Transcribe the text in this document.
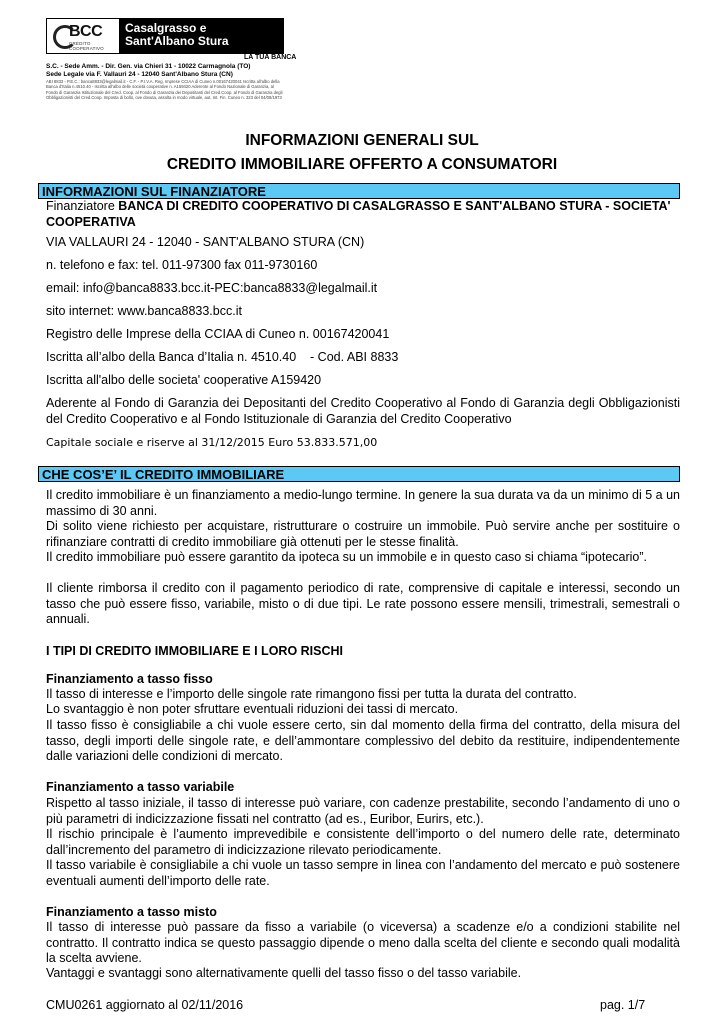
BCC
CREDITO COOPERATIVO
Casalgrasso e
Sant'Albano Stura
LA TUA BANCA
S.C. - Sede Amm. - Dir. Gen. via Chieri 31 - 10022 Carmagnola (TO)
Sede Legale via F. Vallauri 24 - 12040 Sant'Albano Stura (CN)
ABI 8833 - P.E.C.: banca8833@legalmail.it - C.F. - P.I.V.A. Reg. Imprese CCIAA di Cuneo n.00167420041 Iscritta all'albo della Banca d'Italia n.4510.40 - Iscritta all'albo delle società cooperative n. A159420 Aderente al Fondo Nazionale di Garanzia, al Fondo di Garanzia Istituzionale del Cred. Coop. al Fondo di Garanzia dei Depositanti del Cred.Coop. al Fondo di Garanzia degli Obbligazionisti del Cred.Coop. Imposta di bollo, ove dovuta, assolta in modo virtuale, aut. Int. Fin. Cuneo n. 323 del 04/08/1973
INFORMAZIONI GENERALI SUL
CREDITO IMMOBILIARE OFFERTO A CONSUMATORI
INFORMAZIONI SUL FINANZIATORE
Finanziatore BANCA DI CREDITO COOPERATIVO DI CASALGRASSO E SANT'ALBANO STURA - SOCIETA' COOPERATIVA
VIA VALLAURI 24 - 12040 - SANT'ALBANO STURA (CN)
n. telefono e fax: tel. 011-97300 fax 011-9730160
email: info@banca8833.bcc.it-PEC:banca8833@legalmail.it
sito internet: www.banca8833.bcc.it
Registro delle Imprese della CCIAA di Cuneo n. 00167420041
Iscritta all’albo della Banca d’Italia n. 4510.40    - Cod. ABI 8833
Iscritta all'albo delle societa' cooperative A159420
Aderente al Fondo di Garanzia dei Depositanti del Credito Cooperativo al Fondo di Garanzia degli Obbligazionisti del Credito Cooperativo e al Fondo Istituzionale di Garanzia del Credito Cooperativo
Capitale sociale e riserve al 31/12/2015 Euro 53.833.571,00
CHE COS’E’ IL CREDITO IMMOBILIARE
Il credito immobiliare è un finanziamento a medio-lungo termine. In genere la sua durata va da un minimo di 5 a un massimo di 30 anni.
Di solito viene richiesto per acquistare, ristrutturare o costruire un immobile. Può servire anche per sostituire o rifinanziare contratti di credito immobiliare già ottenuti per le stesse finalità.
Il credito immobiliare può essere garantito da ipoteca su un immobile e in questo caso si chiama “ipotecario”.
Il cliente rimborsa il credito con il pagamento periodico di rate, comprensive di capitale e interessi, secondo un tasso che può essere fisso, variabile, misto o di due tipi. Le rate possono essere mensili, trimestrali, semestrali o annuali.
I TIPI DI CREDITO IMMOBILIARE E I LORO RISCHI
Finanziamento a tasso fisso
Il tasso di interesse e l’importo delle singole rate rimangono fissi per tutta la durata del contratto.
Lo svantaggio è non poter sfruttare eventuali riduzioni dei tassi di mercato.
Il tasso fisso è consigliabile a chi vuole essere certo, sin dal momento della firma del contratto, della misura del tasso, degli importi delle singole rate, e dell’ammontare complessivo del debito da restituire, indipendentemente dalle variazioni delle condizioni di mercato.
Finanziamento a tasso variabile
Rispetto al tasso iniziale, il tasso di interesse può variare, con cadenze prestabilite, secondo l’andamento di uno o più parametri di indicizzazione fissati nel contratto (ad es., Euribor, Eurirs, etc.).
Il rischio principale è l’aumento imprevedibile e consistente dell’importo o del numero delle rate, determinato dall’incremento del parametro di indicizzazione rilevato periodicamente.
Il tasso variabile è consigliabile a chi vuole un tasso sempre in linea con l’andamento del mercato e può sostenere eventuali aumenti dell’importo delle rate.
Finanziamento a tasso misto
Il tasso di interesse può passare da fisso a variabile (o viceversa) a scadenze e/o a condizioni stabilite nel contratto. Il contratto indica se questo passaggio dipende o meno dalla scelta del cliente e secondo quali modalità la scelta avviene.
Vantaggi e svantaggi sono alternativamente quelli del tasso fisso o del tasso variabile.
CMU0261 aggiornato al 02/11/2016	pag. 1/7
